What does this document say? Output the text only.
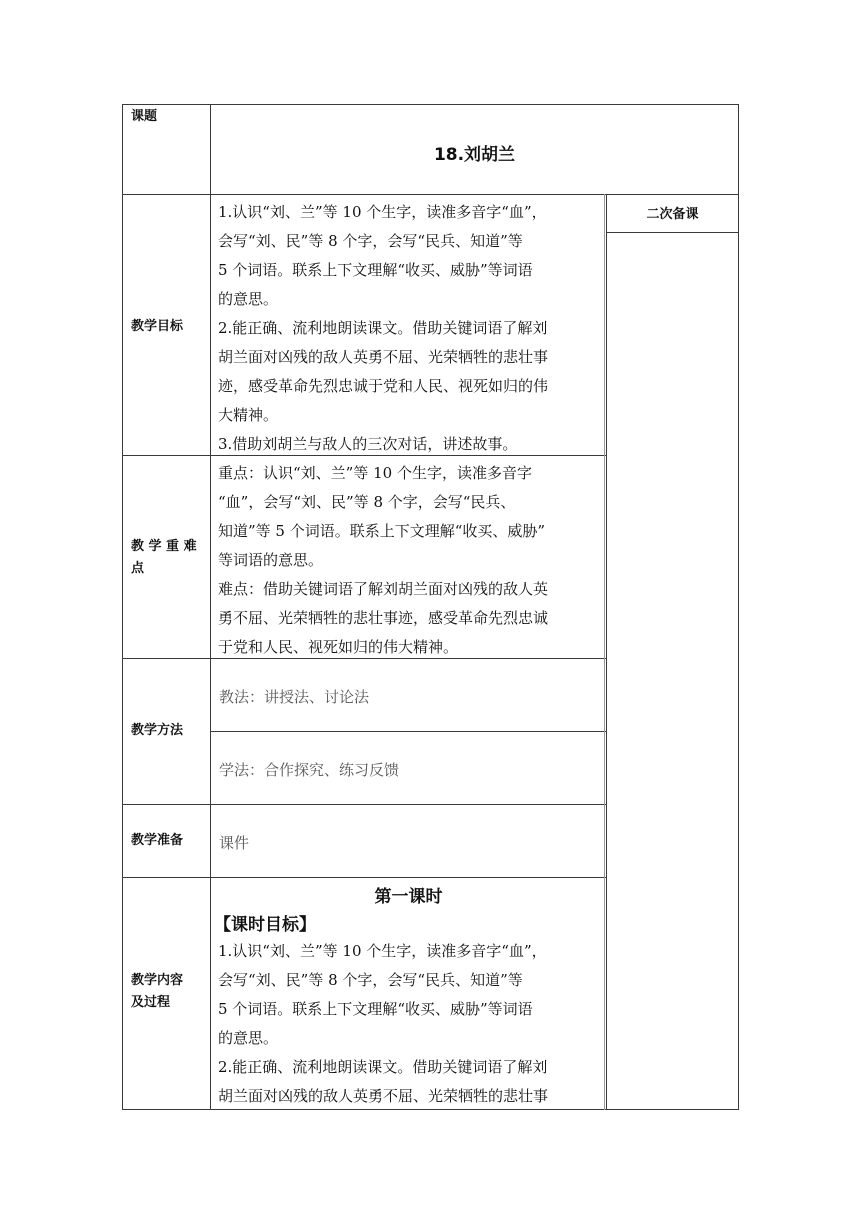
课题
教学目标
教 学 重 难
点
教学方法
教学准备
教学内容
及过程
18.刘胡兰
二次备课
1.认识“刘、兰”等 10 个生字，读准多音字“血”，
会写“刘、民”等 8 个字，会写“民兵、知道”等
5 个词语。联系上下文理解“收买、威胁”等词语
的意思。
2.能正确、流利地朗读课文。借助关键词语了解刘
胡兰面对凶残的敌人英勇不屈、光荣牺牲的悲壮事
迹，感受革命先烈忠诚于党和人民、视死如归的伟
大精神。
3.借助刘胡兰与敌人的三次对话，讲述故事。
重点：认识“刘、兰”等 10 个生字，读准多音字
“血”，会写“刘、民”等 8 个字，会写“民兵、
知道”等 5 个词语。联系上下文理解“收买、威胁”
等词语的意思。
难点：借助关键词语了解刘胡兰面对凶残的敌人英
勇不屈、光荣牺牲的悲壮事迹，感受革命先烈忠诚
于党和人民、视死如归的伟大精神。
教法：讲授法、讨论法
学法：合作探究、练习反馈
课件
第一课时
【课时目标】
1.认识“刘、兰”等 10 个生字，读准多音字“血”，
会写“刘、民”等 8 个字，会写“民兵、知道”等
5 个词语。联系上下文理解“收买、威胁”等词语
的意思。
2.能正确、流利地朗读课文。借助关键词语了解刘
胡兰面对凶残的敌人英勇不屈、光荣牺牲的悲壮事
